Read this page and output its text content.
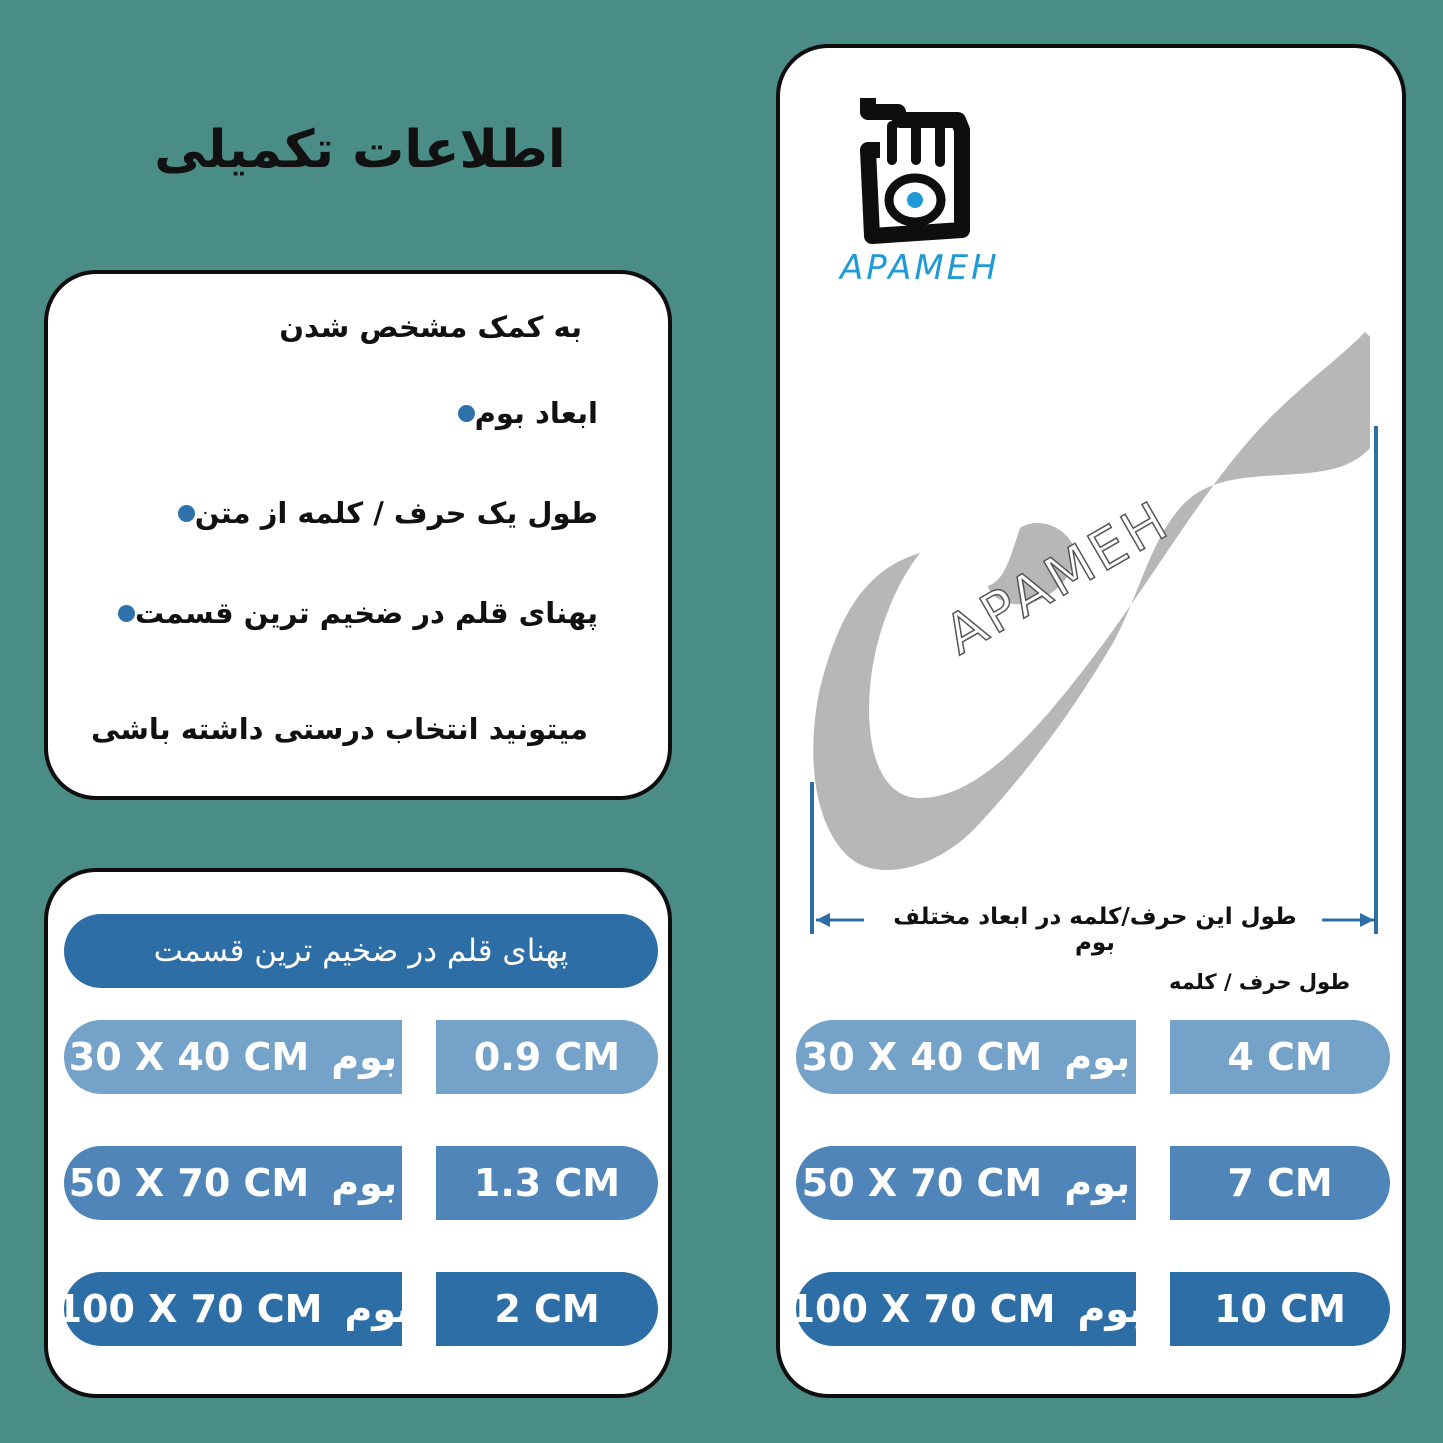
اطلاعات تکمیلی
به کمک مشخص شدن
ابعاد بوم
طول یک حرف / کلمه از متن
پهنای قلم در ضخیم ترین قسمت
میتونید انتخاب درستی داشته باشی
پهنای قلم در ضخیم ترین قسمت
30 X 40 CM بوم 0.9 CM
50 X 70 CM بوم 1.3 CM
100 X 70 CM بوم 2 CM
APAMEH
APAMEH
طول این حرف/کلمه در ابعاد مختلف بوم
طول حرف / کلمه
30 X 40 CM بوم	4 CM
50 X 70 CM بوم	7 CM
100 X 70 CM بوم 10 CM
